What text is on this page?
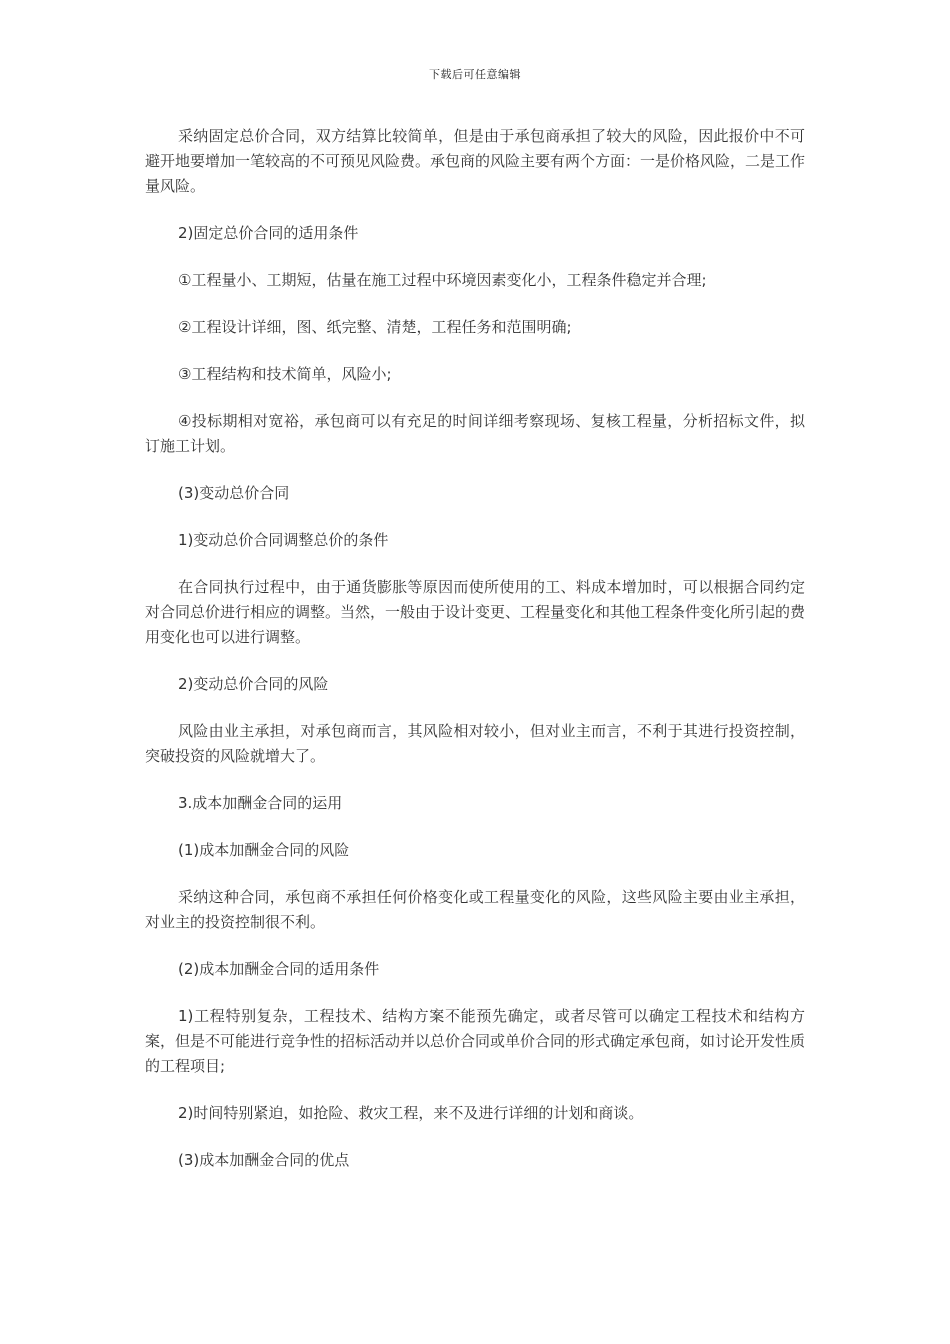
下载后可任意编辑

采纳固定总价合同，双方结算比较简单，但是由于承包商承担了较大的风险，因此报价中不可避开地要增加一笔较高的不可预见风险费。承包商的风险主要有两个方面：一是价格风险，二是工作量风险。

2)固定总价合同的适用条件

①工程量小、工期短，估量在施工过程中环境因素变化小，工程条件稳定并合理;

②工程设计详细，图、纸完整、清楚，工程任务和范围明确;

③工程结构和技术简单，风险小;

④投标期相对宽裕，承包商可以有充足的时间详细考察现场、复核工程量，分析招标文件，拟订施工计划。

(3)变动总价合同

1)变动总价合同调整总价的条件

在合同执行过程中，由于通货膨胀等原因而使所使用的工、料成本增加时，可以根据合同约定对合同总价进行相应的调整。当然，一般由于设计变更、工程量变化和其他工程条件变化所引起的费用变化也可以进行调整。

2)变动总价合同的风险

风险由业主承担，对承包商而言，其风险相对较小，但对业主而言，不利于其进行投资控制，突破投资的风险就增大了。

3.成本加酬金合同的运用

(1)成本加酬金合同的风险

采纳这种合同，承包商不承担任何价格变化或工程量变化的风险，这些风险主要由业主承担，对业主的投资控制很不利。

(2)成本加酬金合同的适用条件

1)工程特别复杂，工程技术、结构方案不能预先确定，或者尽管可以确定工程技术和结构方案，但是不可能进行竞争性的招标活动并以总价合同或单价合同的形式确定承包商，如讨论开发性质的工程项目;

2)时间特别紧迫，如抢险、救灾工程，来不及进行详细的计划和商谈。

(3)成本加酬金合同的优点
